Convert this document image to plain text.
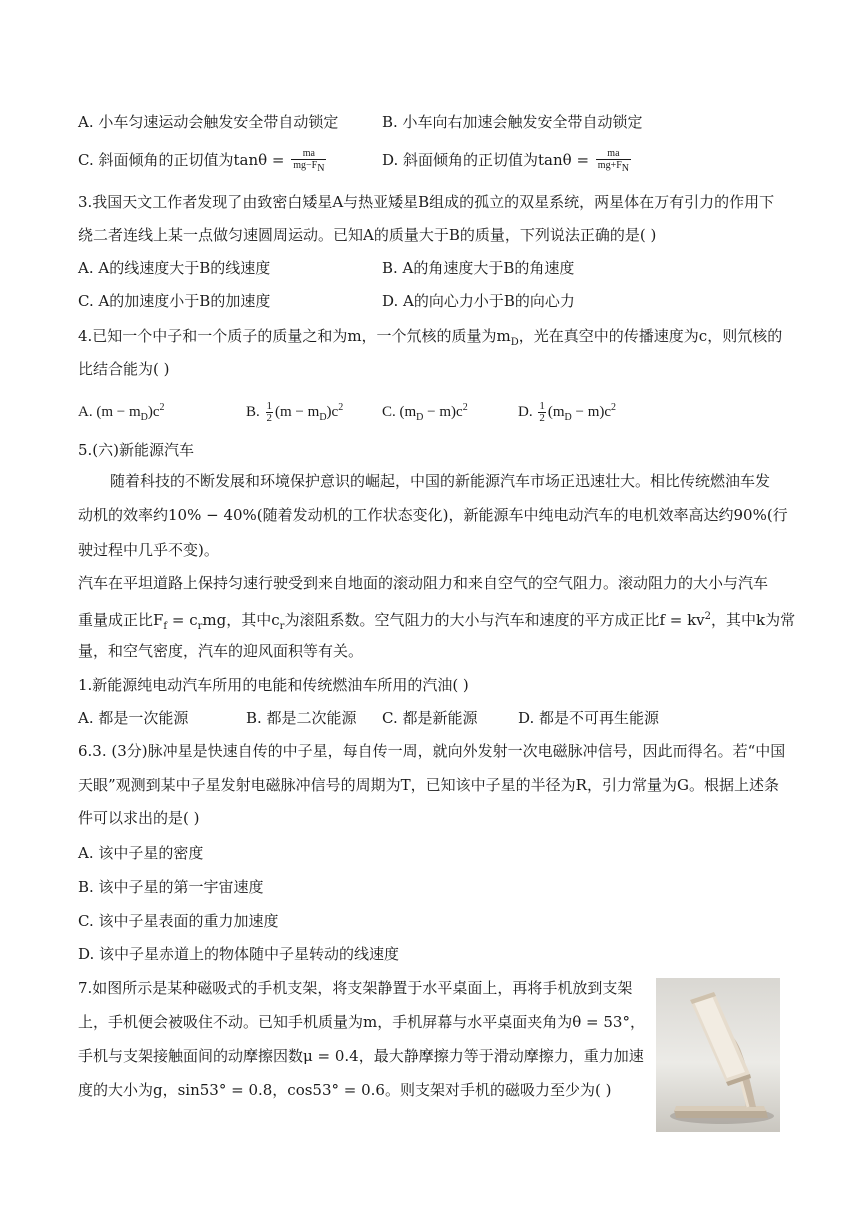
A. 小车匀速运动会触发安全带自动锁定	B. 小车向右加速会触发安全带自动锁定
C. 斜面倾角的正切值为$\tan\theta = \frac{ma}{mg-F_N}$	D. 斜面倾角的正切值为$\tan\theta = \frac{ma}{mg+F_N}$
3.我国天文工作者发现了由致密白矮星A与热亚矮星B组成的孤立的双星系统，两星体在万有引力的作用下
绕二者连线上某一点做匀速圆周运动。已知A的质量大于B的质量，下列说法正确的是( )
A. A的线速度大于B的线速度	B. A的角速度大于B的角速度
C. A的加速度小于B的加速度	D. A的向心力小于B的向心力
4.已知一个中子和一个质子的质量之和为m，一个氘核的质量为$m_D$，光在真空中的传播速度为c，则氘核的
比结合能为( )
A. $(m - m_D)c^2$	B. $\frac{1}{2} (m - m_D)c^2$	C. $(m_D - m)c^2$	D. $\frac{1}{2} (m_D - m)c^2$
5.(六)新能源汽车
随着科技的不断发展和环境保护意识的崛起，中国的新能源汽车市场正迅速壮大。相比传统燃油车发
动机的效率约10% − 40%(随着发动机的工作状态变化)，新能源车中纯电动汽车的电机效率高达约90%(行
驶过程中几乎不变)。
汽车在平坦道路上保持匀速行驶受到来自地面的滚动阻力和来自空气的空气阻力。滚动阻力的大小与汽车
重量成正比$F_f = c_rmg$，其中$c_r$为滚阻系数。空气阻力的大小与汽车和速度的平方成正比$f = kv^2$，其中k为常
量，和空气密度，汽车的迎风面积等有关。
1.新能源纯电动汽车所用的电能和传统燃油车所用的汽油( )
A. 都是一次能源	B. 都是二次能源 C. 都是新能源	D. 都是不可再生能源
6.3. (3分)脉冲星是快速自传的中子星，每自传一周，就向外发射一次电磁脉冲信号，因此而得名。若“中国
天眼”观测到某中子星发射电磁脉冲信号的周期为T，已知该中子星的半径为R，引力常量为G。根据上述条
件可以求出的是( )
A. 该中子星的密度
B. 该中子星的第一宇宙速度
C. 该中子星表面的重力加速度
D. 该中子星赤道上的物体随中子星转动的线速度
7.如图所示是某种磁吸式的手机支架，将支架静置于水平桌面上，再将手机放到支架
上，手机便会被吸住不动。已知手机质量为m，手机屏幕与水平桌面夹角为θ = 53°，
手机与支架接触面间的动摩擦因数μ = 0.4，最大静摩擦力等于滑动摩擦力，重力加速
度的大小为g，sin53° = 0.8，cos53° = 0.6。则支架对手机的磁吸力至少为( )
